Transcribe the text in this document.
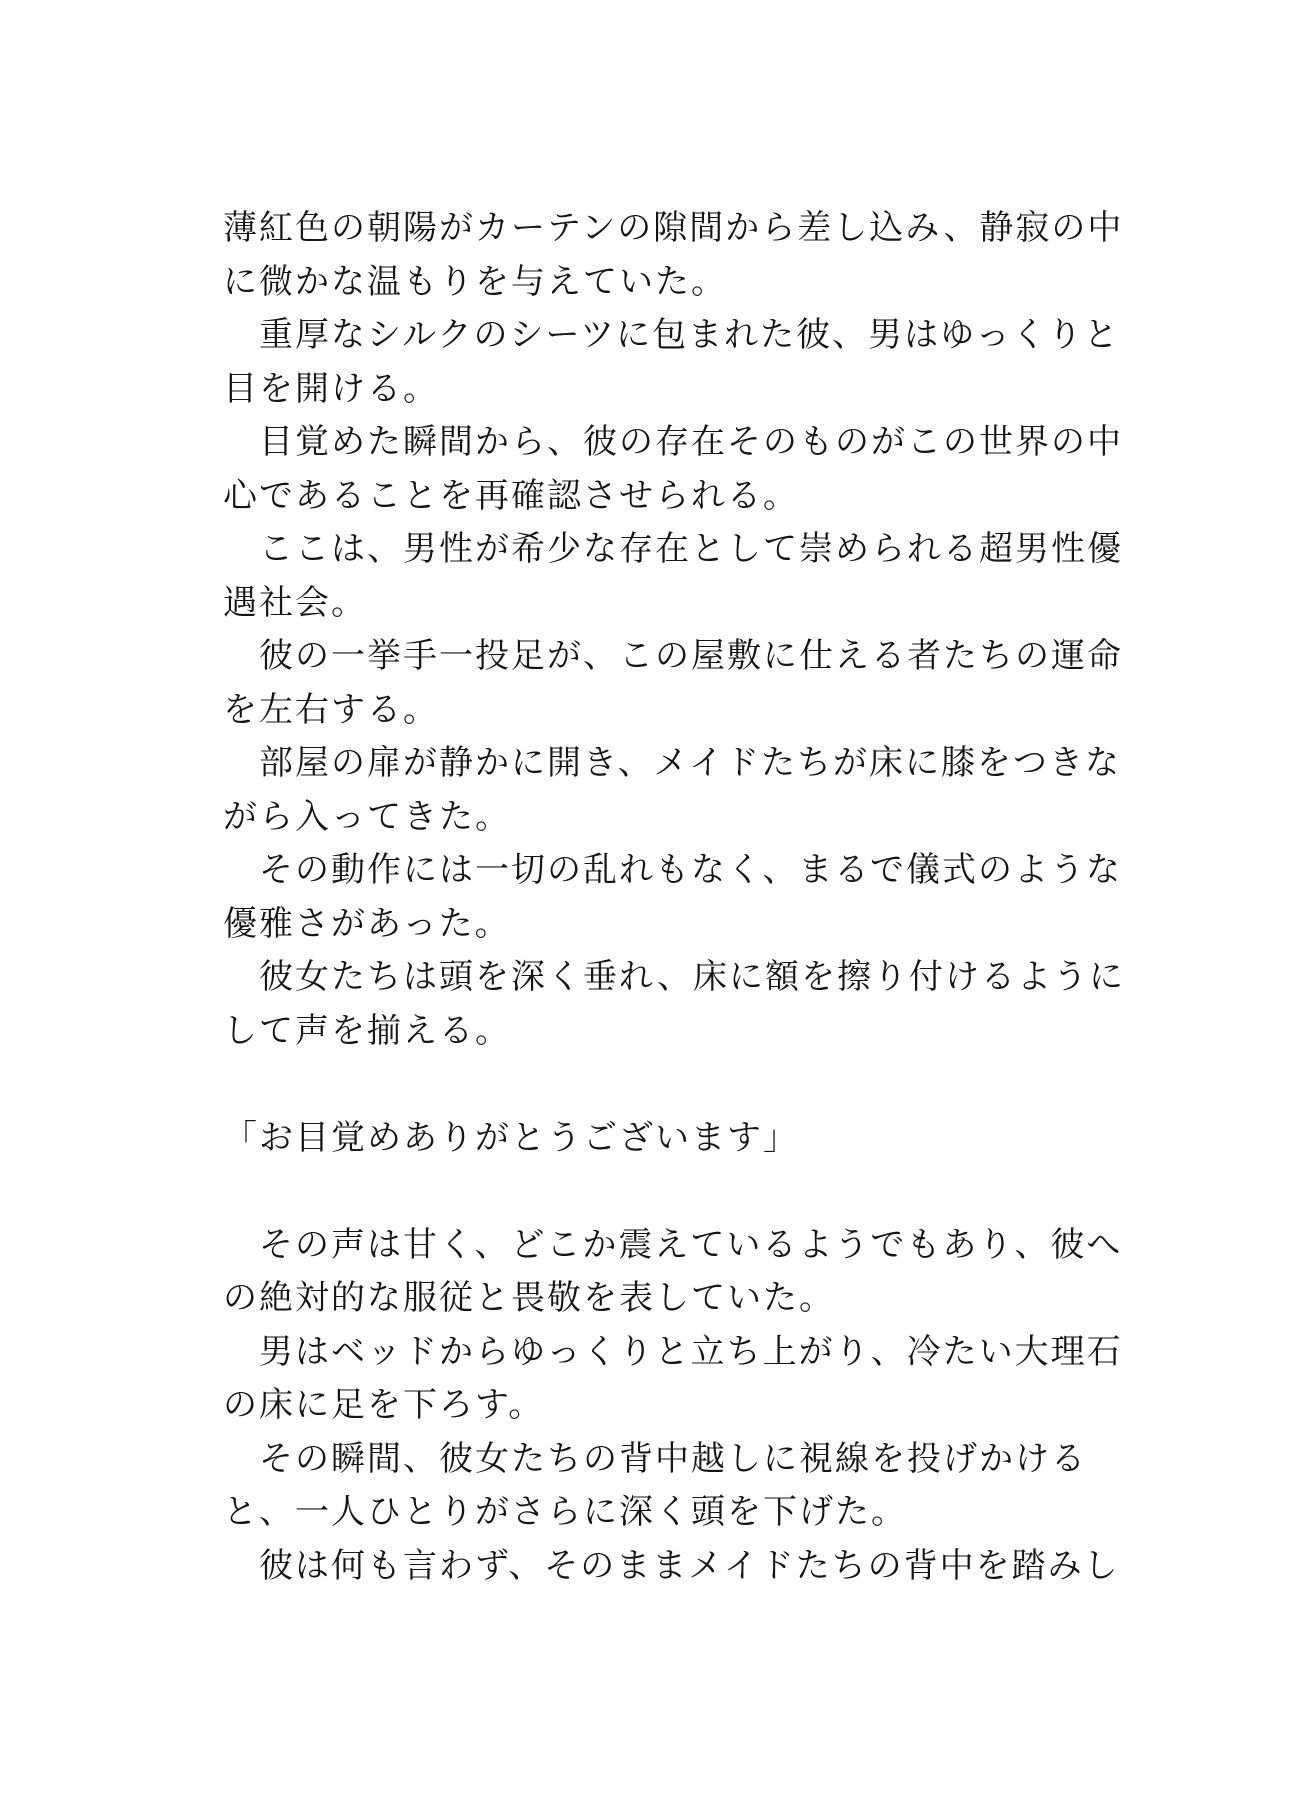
薄紅色の朝陽がカーテンの隙間から差し込み、静寂の中
に微かな温もりを与えていた。
　重厚なシルクのシーツに包まれた彼、男はゆっくりと
目を開ける。
　目覚めた瞬間から、彼の存在そのものがこの世界の中
心であることを再確認させられる。
　ここは、男性が希少な存在として崇められる超男性優
遇社会。
　彼の一挙手一投足が、この屋敷に仕える者たちの運命
を左右する。
　部屋の扉が静かに開き、メイドたちが床に膝をつきな
がら入ってきた。
　その動作には一切の乱れもなく、まるで儀式のような
優雅さがあった。
　彼女たちは頭を深く垂れ、床に額を擦り付けるように
して声を揃える。
「お目覚めありがとうございます」
　その声は甘く、どこか震えているようでもあり、彼へ
の絶対的な服従と畏敬を表していた。
　男はベッドからゆっくりと立ち上がり、冷たい大理石
の床に足を下ろす。
　その瞬間、彼女たちの背中越しに視線を投げかける
と、一人ひとりがさらに深く頭を下げた。
　彼は何も言わず、そのままメイドたちの背中を踏みし
